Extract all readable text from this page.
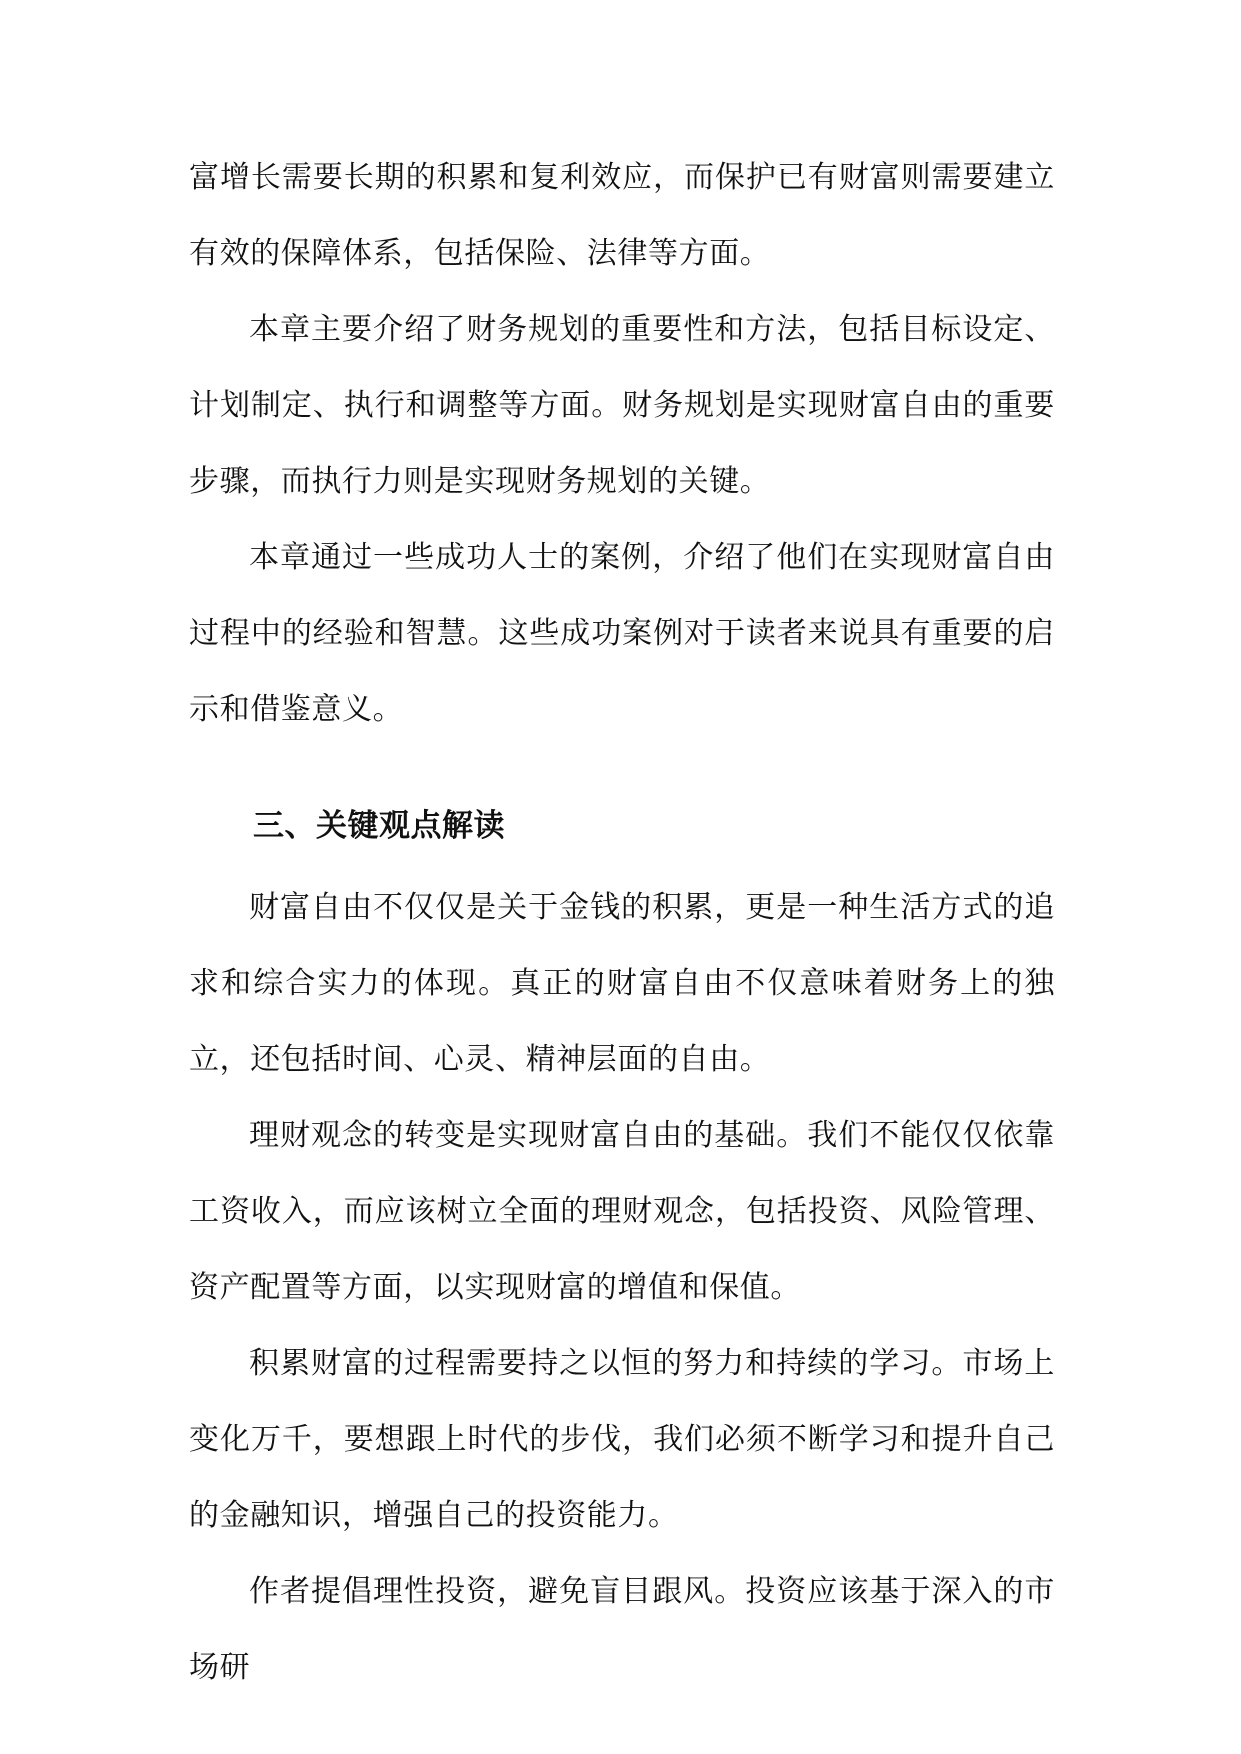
富增长需要长期的积累和复利效应，而保护已有财富则需要建立有效的保障体系，包括保险、法律等方面。

本章主要介绍了财务规划的重要性和方法，包括目标设定、计划制定、执行和调整等方面。财务规划是实现财富自由的重要步骤，而执行力则是实现财务规划的关键。

本章通过一些成功人士的案例，介绍了他们在实现财富自由过程中的经验和智慧。这些成功案例对于读者来说具有重要的启示和借鉴意义。

三、关键观点解读

财富自由不仅仅是关于金钱的积累，更是一种生活方式的追求和综合实力的体现。真正的财富自由不仅意味着财务上的独立，还包括时间、心灵、精神层面的自由。

理财观念的转变是实现财富自由的基础。我们不能仅仅依靠工资收入，而应该树立全面的理财观念，包括投资、风险管理、资产配置等方面，以实现财富的增值和保值。

积累财富的过程需要持之以恒的努力和持续的学习。市场上变化万千，要想跟上时代的步伐，我们必须不断学习和提升自己的金融知识，增强自己的投资能力。

作者提倡理性投资，避免盲目跟风。投资应该基于深入的市场研
